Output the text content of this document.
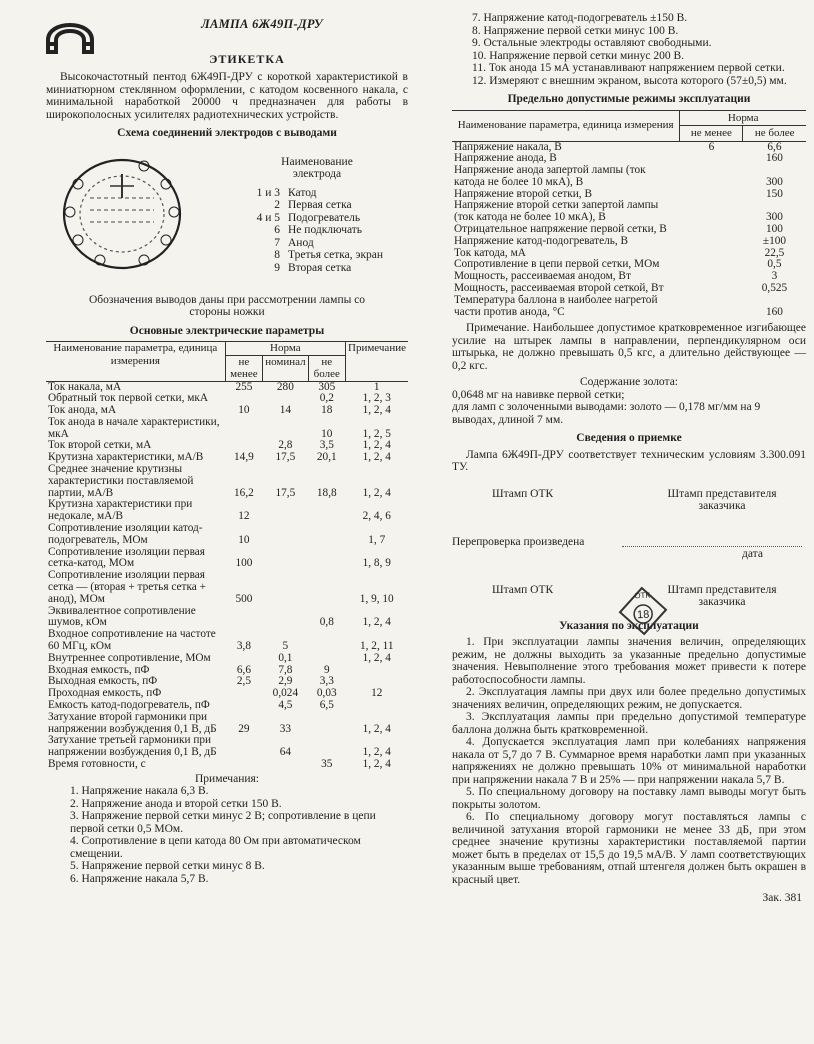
ЛАМПА 6Ж49П-ДРУ
ЭТИКЕТКА
Высокочастотный пентод 6Ж49П-ДРУ с короткой характеристикой в миниатюрном стеклянном оформлении, с катодом косвенного накала, с минимальной наработкой 20000 ч предназначен для работы в широкополосных усилителях радиотехнических устройств.
Схема соединений электродов с выводами
Наименование электрода
1 и 3 Катод
2 Первая сетка
4 и 5 Подогреватель
6 Не подключать
7 Анод
8 Третья сетка, экран
9 Вторая сетка
Обозначения выводов даны при рассмотрении лампы со стороны ножки
Основные электрические параметры
Наименование параметра, единица измерения	Норма			Примечание
	не менее	номинал	не более	
Ток накала, мА	255	280	305	1
Обратный ток первой сетки, мкА			0,2	1, 2, 3
Ток анода, мА	10	14	18	1, 2, 4
Ток анода в начале характеристики, мкА			10	1, 2, 5
Ток второй сетки, мА		2,8	3,5	1, 2, 4
Крутизна характеристики, мА/В	14,9	17,5	20,1	1, 2, 4
Среднее значение крутизны характеристики поставляемой партии, мА/В	16,2	17,5	18,8	1, 2, 4
Крутизна характеристики при недокале, мА/В	12			2, 4, 6
Сопротивление изоляции катод-подогреватель, МОм	10			1, 7
Сопротивление изоляции первая сетка-катод, МОм	100			1, 8, 9
Сопротивление изоляции первая сетка — (вторая + третья сетка + анод), МОм	500			1, 9, 10
Эквивалентное сопротивление шумов, кОм			0,8	1, 2, 4
Входное сопротивление на частоте 60 МГц, кОм	3,8	5		1, 2, 11
Внутреннее сопротивление, МОм		0,1		1, 2, 4
Входная емкость, пФ	6,6	7,8	9	
Выходная емкость, пФ	2,5	2,9	3,3	
Проходная емкость, пФ		0,024	0,03	12
Емкость катод-подогреватель, пФ		4,5	6,5	
Затухание второй гармоники при напряжении возбуждения 0,1 В, дБ	29	33		1, 2, 4
Затухание третьей гармоники при напряжении возбуждения 0,1 В, дБ		64		1, 2, 4
Время готовности, с			35	1, 2, 4
Примечания:
1. Напряжение накала 6,3 В.
2. Напряжение анода и второй сетки 150 В.
3. Напряжение первой сетки минус 2 В; сопротивление в цепи первой сетки 0,5 МОм.
4. Сопротивление в цепи катода 80 Ом при автоматическом смещении.
5. Напряжение первой сетки минус 8 В.
6. Напряжение накала 5,7 В.
7. Напряжение катод-подогреватель ±150 В.
8. Напряжение первой сетки минус 100 В.
9. Остальные электроды оставляют свободными.
10. Напряжение первой сетки минус 200 В.
11. Ток анода 15 мА устанавливают напряжением первой сетки.
12. Измеряют с внешним экраном, высота которого (57±0,5) мм.
Предельно допустимые режимы эксплуатации
Наименование параметра, единица измерения	Норма	
	не менее	не более
Напряжение накала, В	6	6,6
Напряжение анода, В		160
Напряжение анода запертой лампы (ток катода не более 10 мкА), В		300
Напряжение второй сетки, В		150
Напряжение второй сетки запертой лампы (ток катода не более 10 мкА), В		300
Отрицательное напряжение первой сетки, В		100
Напряжение катод-подогреватель, В		±100
Ток катода, мА		22,5
Сопротивление в цепи первой сетки, МОм		0,5
Мощность, рассеиваемая анодом, Вт		3
Мощность, рассеиваемая второй сеткой, Вт		0,525
Температура баллона в наиболее нагретой части против анода, °С		160
Примечание. Наибольшее допустимое кратковременное изгибающее усилие на штырек лампы в направлении, перпендикулярном оси штырька, не должно превышать 0,5 кгс, а длительно действующее — 0,2 кгс.
Содержание золота:
0,0648 мг на навивке первой сетки;
для ламп с золоченными выводами: золото — 0,178 мг/мм на 9 выводах, длиной 7 мм.
Сведения о приемке
Лампа 6Ж49П-ДРУ соответствует техническим условиям 3.300.091 ТУ.
Штамп ОТК	Штамп представителя заказчика
Перепроверка произведена
дата
Штамп ОТК	Штамп представителя заказчика
Указания по эксплуатации
1. При эксплуатации лампы значения величин, определяющих режим, не должны выходить за указанные предельно допустимые значения. Невыполнение этого требования может привести к потере работоспособности лампы.
2. Эксплуатация лампы при двух или более предельно допустимых значениях величин, определяющих режим, не допускается.
3. Эксплуатация лампы при предельно допустимой температуре баллона должна быть кратковременной.
4. Допускается эксплуатация ламп при колебаниях напряжения накала от 5,7 до 7 В. Суммарное время наработки ламп при указанных напряжениях не должно превышать 10% от минимальной наработки при напряжении накала 7 В и 25% — при напряжении накала 5,7 В.
5. По специальному договору на поставку ламп выводы могут быть покрыты золотом.
6. По специальному договору могут поставляться лампы с величиной затухания второй гармоники не менее 33 дБ, при этом среднее значение крутизны характеристики поставляемой партии может быть в пределах от 15,5 до 19,5 мА/В. У ламп соответствующих указанным выше требованиям, отпай штенгеля должен быть окрашен в красный цвет.
Зак. 381
18
ОТК
